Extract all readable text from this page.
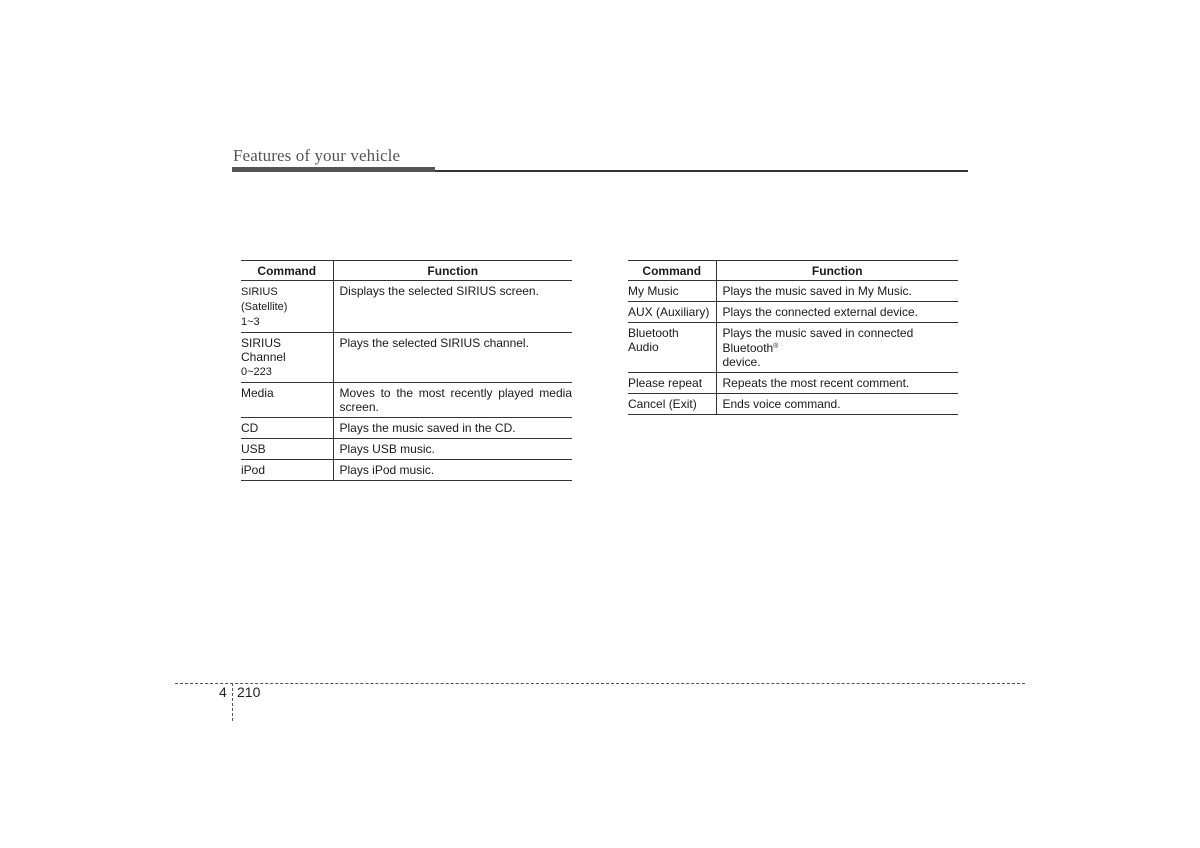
Features of your vehicle
Command	Function
SIRIUS (Satellite)
1~3	Displays the selected SIRIUS screen.
SIRIUS Channel
0~223	Plays the selected SIRIUS channel.
Media	Moves to the most recently played media screen.
CD	Plays the music saved in the CD.
USB	Plays USB music.
iPod	Plays iPod music.
Command	Function
My Music	Plays the music saved in My Music.
AUX (Auxiliary)	Plays the connected external device.
Bluetooth Audio	Plays the music saved in connected Bluetooth®
device.
Please repeat	Repeats the most recent comment.
Cancel (Exit)	Ends voice command.
4 210
